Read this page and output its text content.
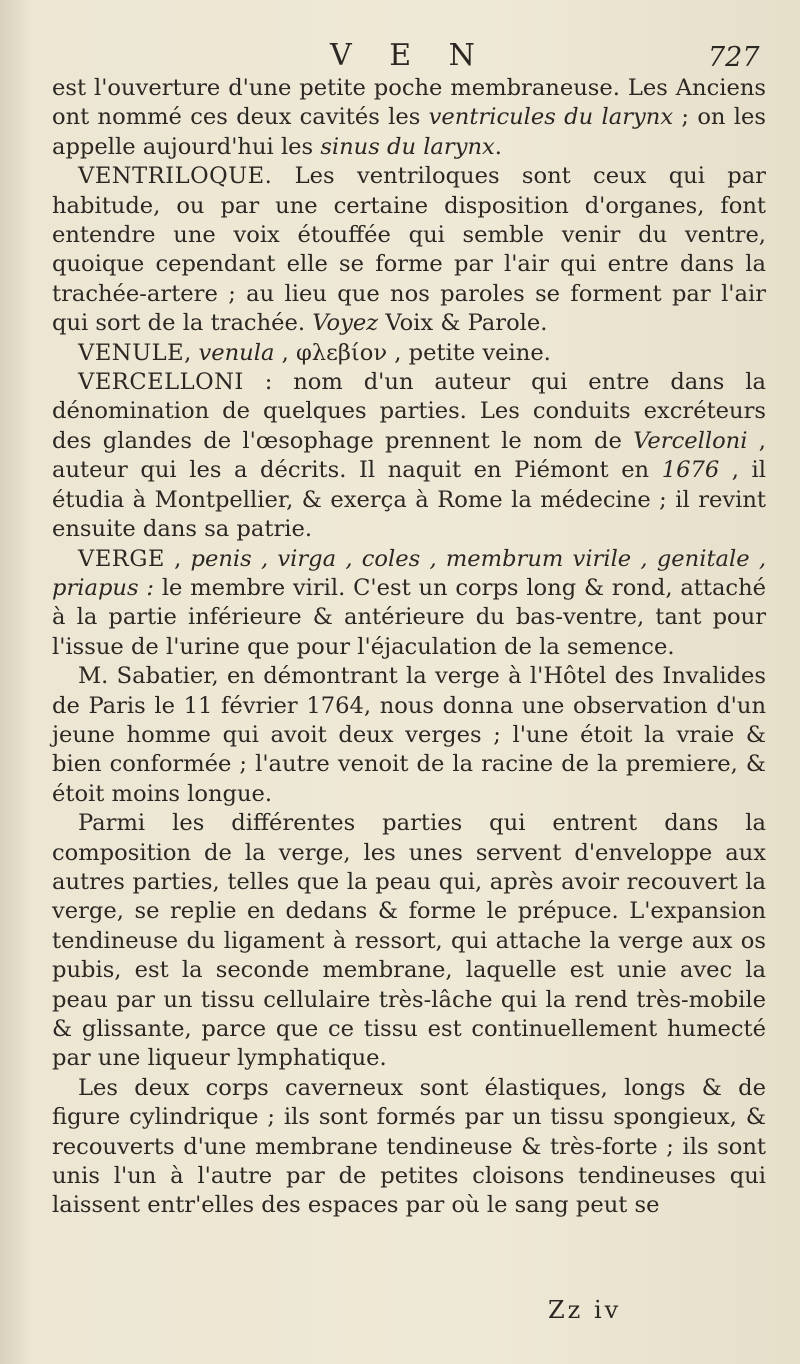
V E N	727

est l'ouverture d'une petite poche membraneuse. Les Anciens ont nommé ces deux cavités les ventricules du larynx ; on les appelle aujourd'hui les sinus du larynx.

VENTRILOQUE. Les ventriloques sont ceux qui par habitude, ou par une certaine disposition d'organes, font entendre une voix étouffée qui semble venir du ventre, quoique cependant elle se forme par l'air qui entre dans la trachée-artere ; au lieu que nos paroles se forment par l'air qui sort de la trachée. Voyez Voix & Parole.

VENULE, venula , φλεβίον , petite veine.

VERCELLONI : nom d'un auteur qui entre dans la dénomination de quelques parties. Les conduits excréteurs des glandes de l'œsophage prennent le nom de Vercelloni , auteur qui les a décrits. Il naquit en Piémont en 1676 , il étudia à Montpellier, & exerça à Rome la médecine ; il revint ensuite dans sa patrie.

VERGE , penis , virga , coles , membrum virile , genitale , priapus : le membre viril. C'est un corps long & rond, attaché à la partie inférieure & antérieure du bas-ventre, tant pour l'issue de l'urine que pour l'éjaculation de la semence.

M. Sabatier, en démontrant la verge à l'Hôtel des Invalides de Paris le 11 février 1764, nous donna une observation d'un jeune homme qui avoit deux verges ; l'une étoit la vraie & bien conformée ; l'autre venoit de la racine de la premiere, & étoit moins longue.

Parmi les différentes parties qui entrent dans la composition de la verge, les unes servent d'enveloppe aux autres parties, telles que la peau qui, après avoir recouvert la verge, se replie en dedans & forme le prépuce. L'expansion tendineuse du ligament à ressort, qui attache la verge aux os pubis, est la seconde membrane, laquelle est unie avec la peau par un tissu cellulaire très-lâche qui la rend très-mobile & glissante, parce que ce tissu est continuellement humecté par une liqueur lymphatique.

Les deux corps caverneux sont élastiques, longs & de figure cylindrique ; ils sont formés par un tissu spongieux, & recouverts d'une membrane tendineuse & très-forte ; ils sont unis l'un à l'autre par de petites cloisons tendineuses qui laissent entr'elles des espaces par où le sang peut se

Zz iv
